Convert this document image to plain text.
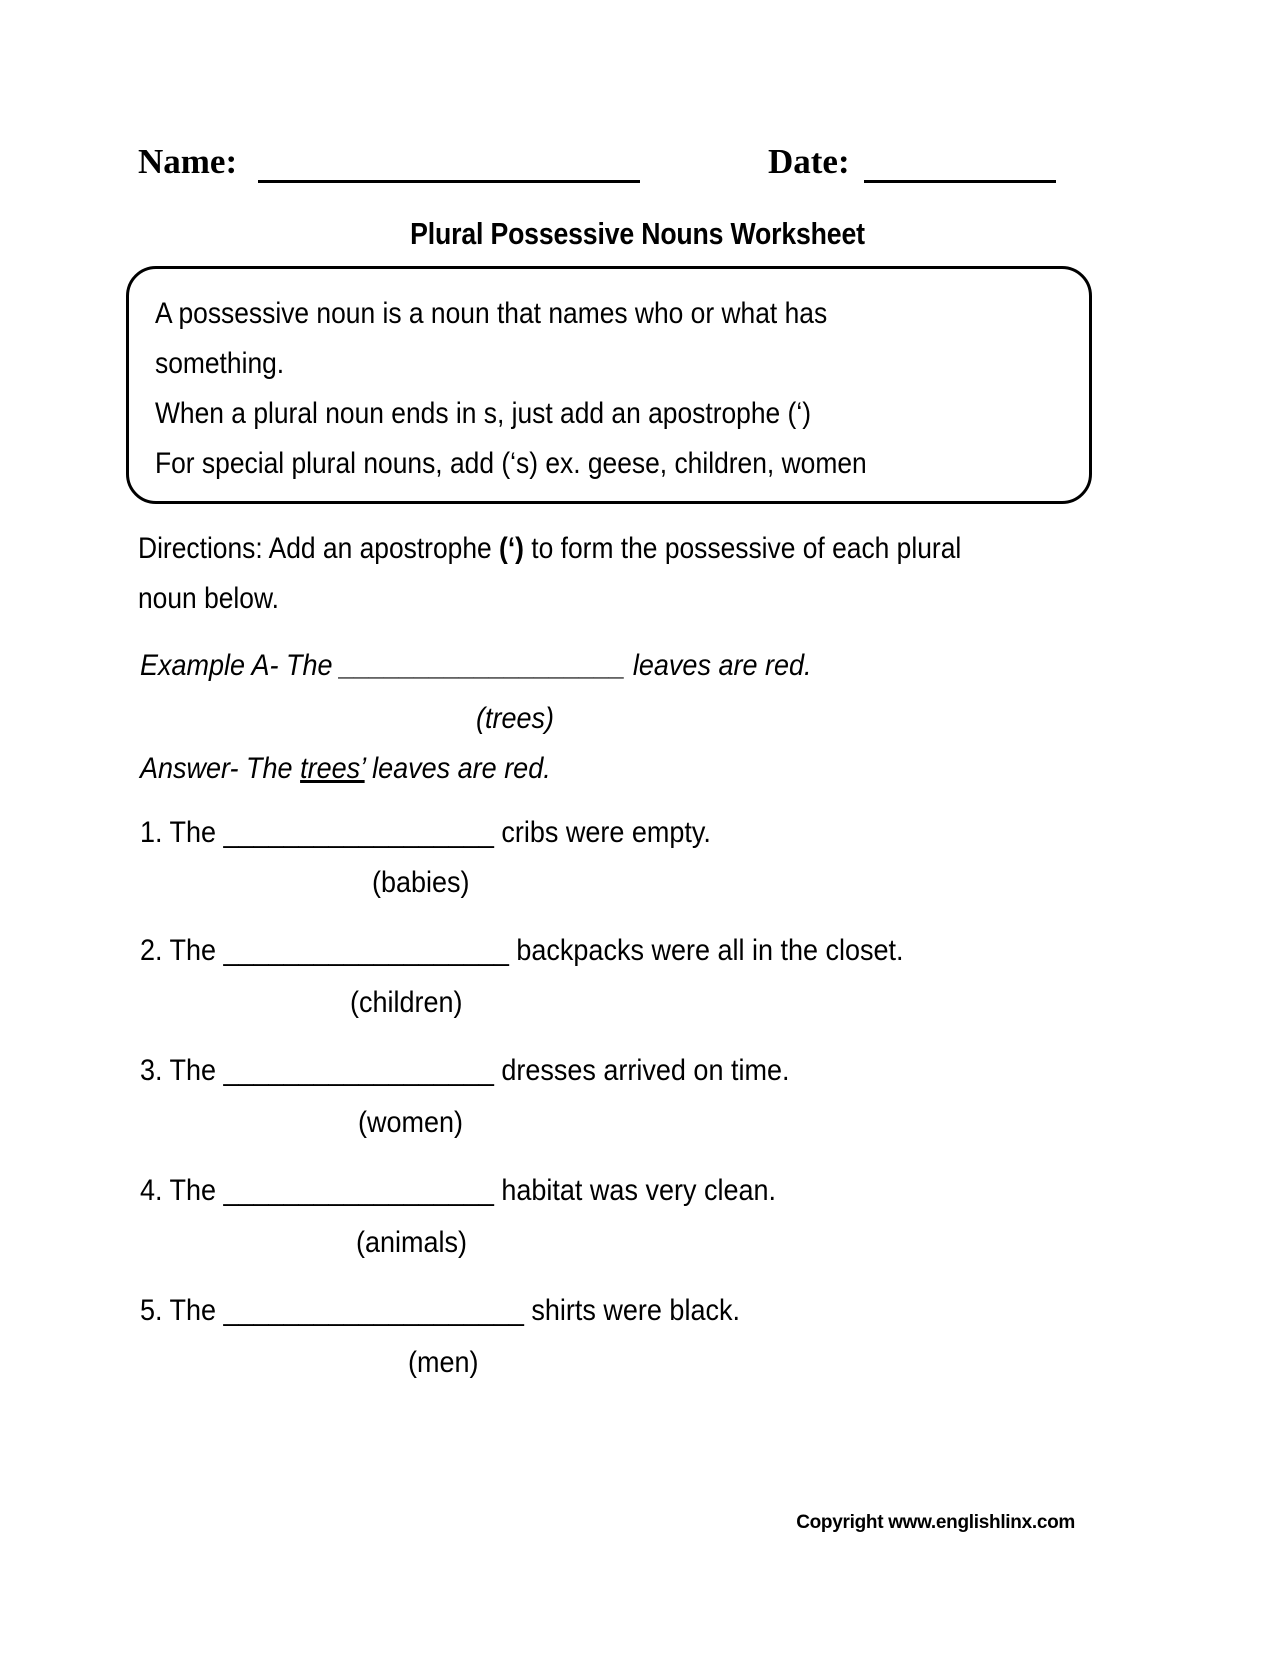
Name:	Date:
Plural Possessive Nouns Worksheet
A possessive noun is a noun that names who or what has
something.
When a plural noun ends in s, just add an apostrophe (‘)
For special plural nouns, add (‘s) ex. geese, children, women
Directions: Add an apostrophe (‘) to form the possessive of each plural noun below.
Example A- The ___________________ leaves are red.
(trees)
Answer- The trees’ leaves are red.
1. The __________________ cribs were empty.
(babies)
2. The ___________________ backpacks were all in the closet.
(children)
3. The __________________ dresses arrived on time.
(women)
4. The __________________ habitat was very clean.
(animals)
5. The ____________________ shirts were black.
(men)
Copyright www.englishlinx.com
